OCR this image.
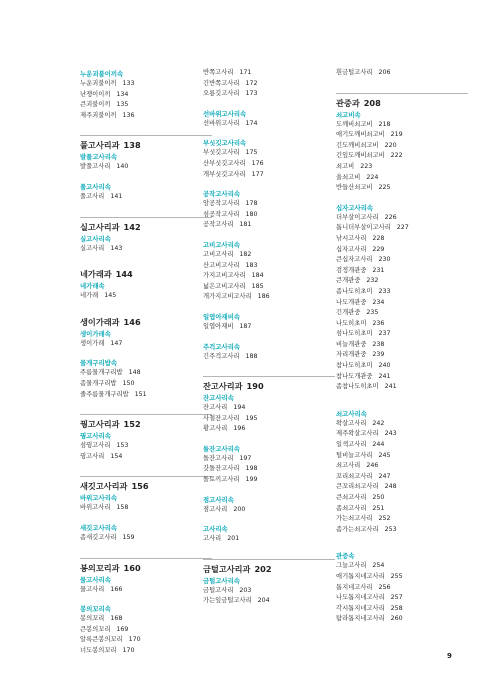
누운괴불이끼속
누운괴불이끼 133
난쟁이이끼 134
큰괴불이끼 135
제주괴불이끼 136
풀고사리과 138
발풀고사리속
발풀고사리 140
풀고사리속
풀고사리 141
실고사리과 142
실고사리속
실고사리 143
네가래과 144
네가래속
네가래 145
생이가래과 146
생이가래속
생이가래 147
물개구리밥속
주름물개구리밥 148
좀물개구리밥 150
줄주름물개구리밥 151
꿩고사리과 152
꿩고사리속
섬꿩고사리 153
꿩고사리 154
새깃고사리과 156
바위고사리속
바위고사리 158
새깃고사리속
좀새깃고사리 159
봉의꼬리과 160
물고사리속
물고사리 166
봉의꼬리속
봉의꼬리 168
큰봉의꼬리 169
알록큰봉의꼬리 170
너도봉의꼬리 170
반쪽고사리 171
긴반쪽고사리 172
오룡깃고사리 173
선바위고사리속
선바위고사리 174
부싯깃고사리속
부싯깃고사리 175
산부싯깃고사리 176
개부싯깃고사리 177
공작고사리속
암공작고사리 178
섬공작고사리 180
공작고사리 181
고비고사리속
고비고사리 182
산고비고사리 183
가지고비고사리 184
넓은고비고사리 185
개가지고비고사리 186
일엽아재비속
일엽아재비 187
주걱고사리속
긴주걱고사리 188
잔고사리과 190
잔고사리속
잔고사리 194
사철잔고사리 195
황고사리 196
돌잔고사리속
돌잔고사리 197
갓돌잔고사리 198
돌토끼고사리 199
점고사리속
점고사리 200
고사리속
고사리 201
금털고사리과 202
금털고사리속
금털고사리 203
가는잎금털고사리 204
흰금털고사리 206
관중과 208
쇠고비속
도깨비쇠고비 218
애기도깨비쇠고비 219
긴도깨비쇠고비 220
긴잎도깨비쇠고비 222
쇠고비 223
울쇠고비 224
반들산쇠고비 225
십자고사리속
더부살이고사리 226
톱니더부살이고사리 227
낚시고사리 228
십자고사리 229
큰십자고사리 230
검정개관중 231
큰개관중 232
좀나도히초미 233
나도개관중 234
긴개관중 235
나도히초미 236
섬나도히초미 237
비늘개관중 238
자리개관중 239
참나도히초미 240
참나도개관중 241
좀참나도히초미 241
쇠고사리속
왁살고사리 242
제주왁살고사리 243
일색고사리 244
털비늘고사리 245
쇠고사리 246
꼬리쇠고사리 247
큰꼬리쇠고사리 248
큰쇠고사리 250
좀쇠고사리 251
가는쇠고사리 252
좀가는쇠고사리 253
관중속
그늘고사리 254
애기톱지네고사리 255
톱지네고사리 256
나도톱지네고사리 257
각시톱지네고사리 258
탐라톱지네고사리 260
9
